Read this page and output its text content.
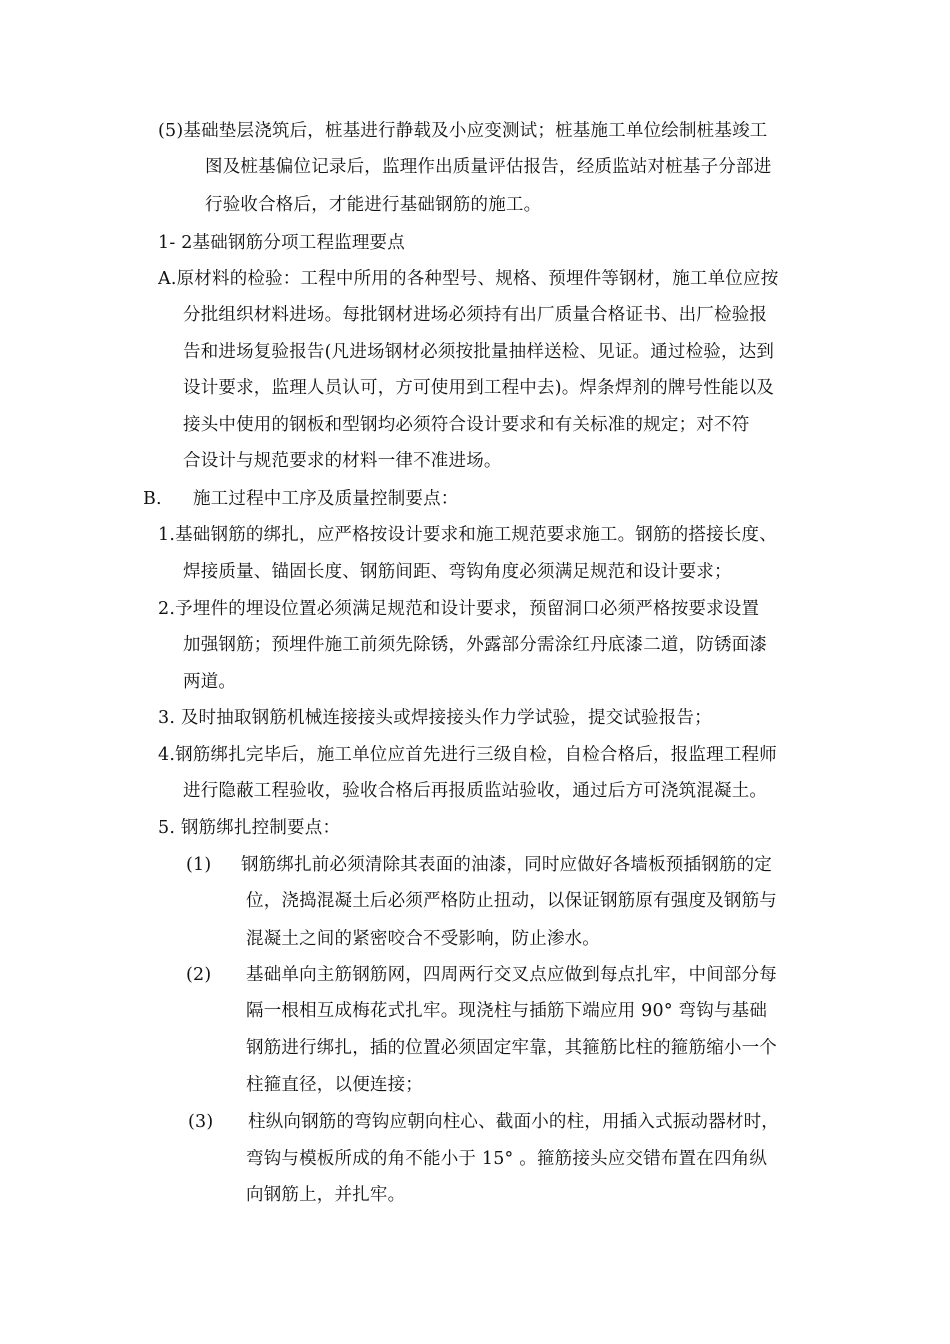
(5)基础垫层浇筑后，桩基进行静载及小应变测试；桩基施工单位绘制桩基竣工
图及桩基偏位记录后，监理作出质量评估报告，经质监站对桩基子分部进
行验收合格后，才能进行基础钢筋的施工。
1- 2基础钢筋分项工程监理要点
A.原材料的检验：工程中所用的各种型号、规格、预埋件等钢材，施工单位应按
分批组织材料进场。每批钢材进场必须持有出厂质量合格证书、出厂检验报
告和进场复验报告(凡进场钢材必须按批量抽样送检、见证。通过检验，达到
设计要求，监理人员认可，方可使用到工程中去)。焊条焊剂的牌号性能以及
接头中使用的钢板和型钢均必须符合设计要求和有关标准的规定；对不符
合设计与规范要求的材料一律不准进场。
B. 施工过程中工序及质量控制要点：
1.基础钢筋的绑扎，应严格按设计要求和施工规范要求施工。钢筋的搭接长度、
焊接质量、锚固长度、钢筋间距、弯钩角度必须满足规范和设计要求；
2.予埋件的埋设位置必须满足规范和设计要求，预留洞口必须严格按要求设置
加强钢筋；预埋件施工前须先除锈，外露部分需涂红丹底漆二道，防锈面漆
两道。
3. 及时抽取钢筋机械连接接头或焊接接头作力学试验，提交试验报告；
4.钢筋绑扎完毕后，施工单位应首先进行三级自检，自检合格后，报监理工程师
进行隐蔽工程验收，验收合格后再报质监站验收，通过后方可浇筑混凝土。
5. 钢筋绑扎控制要点：
(1) 钢筋绑扎前必须清除其表面的油漆，同时应做好各墙板预插钢筋的定
位，浇捣混凝土后必须严格防止扭动，以保证钢筋原有强度及钢筋与
混凝土之间的紧密咬合不受影响，防止渗水。
(2) 基础单向主筋钢筋网，四周两行交叉点应做到每点扎牢，中间部分每
隔一根相互成梅花式扎牢。现浇柱与插筋下端应用 90° 弯钩与基础
钢筋进行绑扎，插的位置必须固定牢靠，其箍筋比柱的箍筋缩小一个
柱箍直径，以便连接；
(3) 柱纵向钢筋的弯钩应朝向柱心、截面小的柱，用插入式振动器材时，
弯钩与模板所成的角不能小于 15° 。箍筋接头应交错布置在四角纵
向钢筋上，并扎牢。
